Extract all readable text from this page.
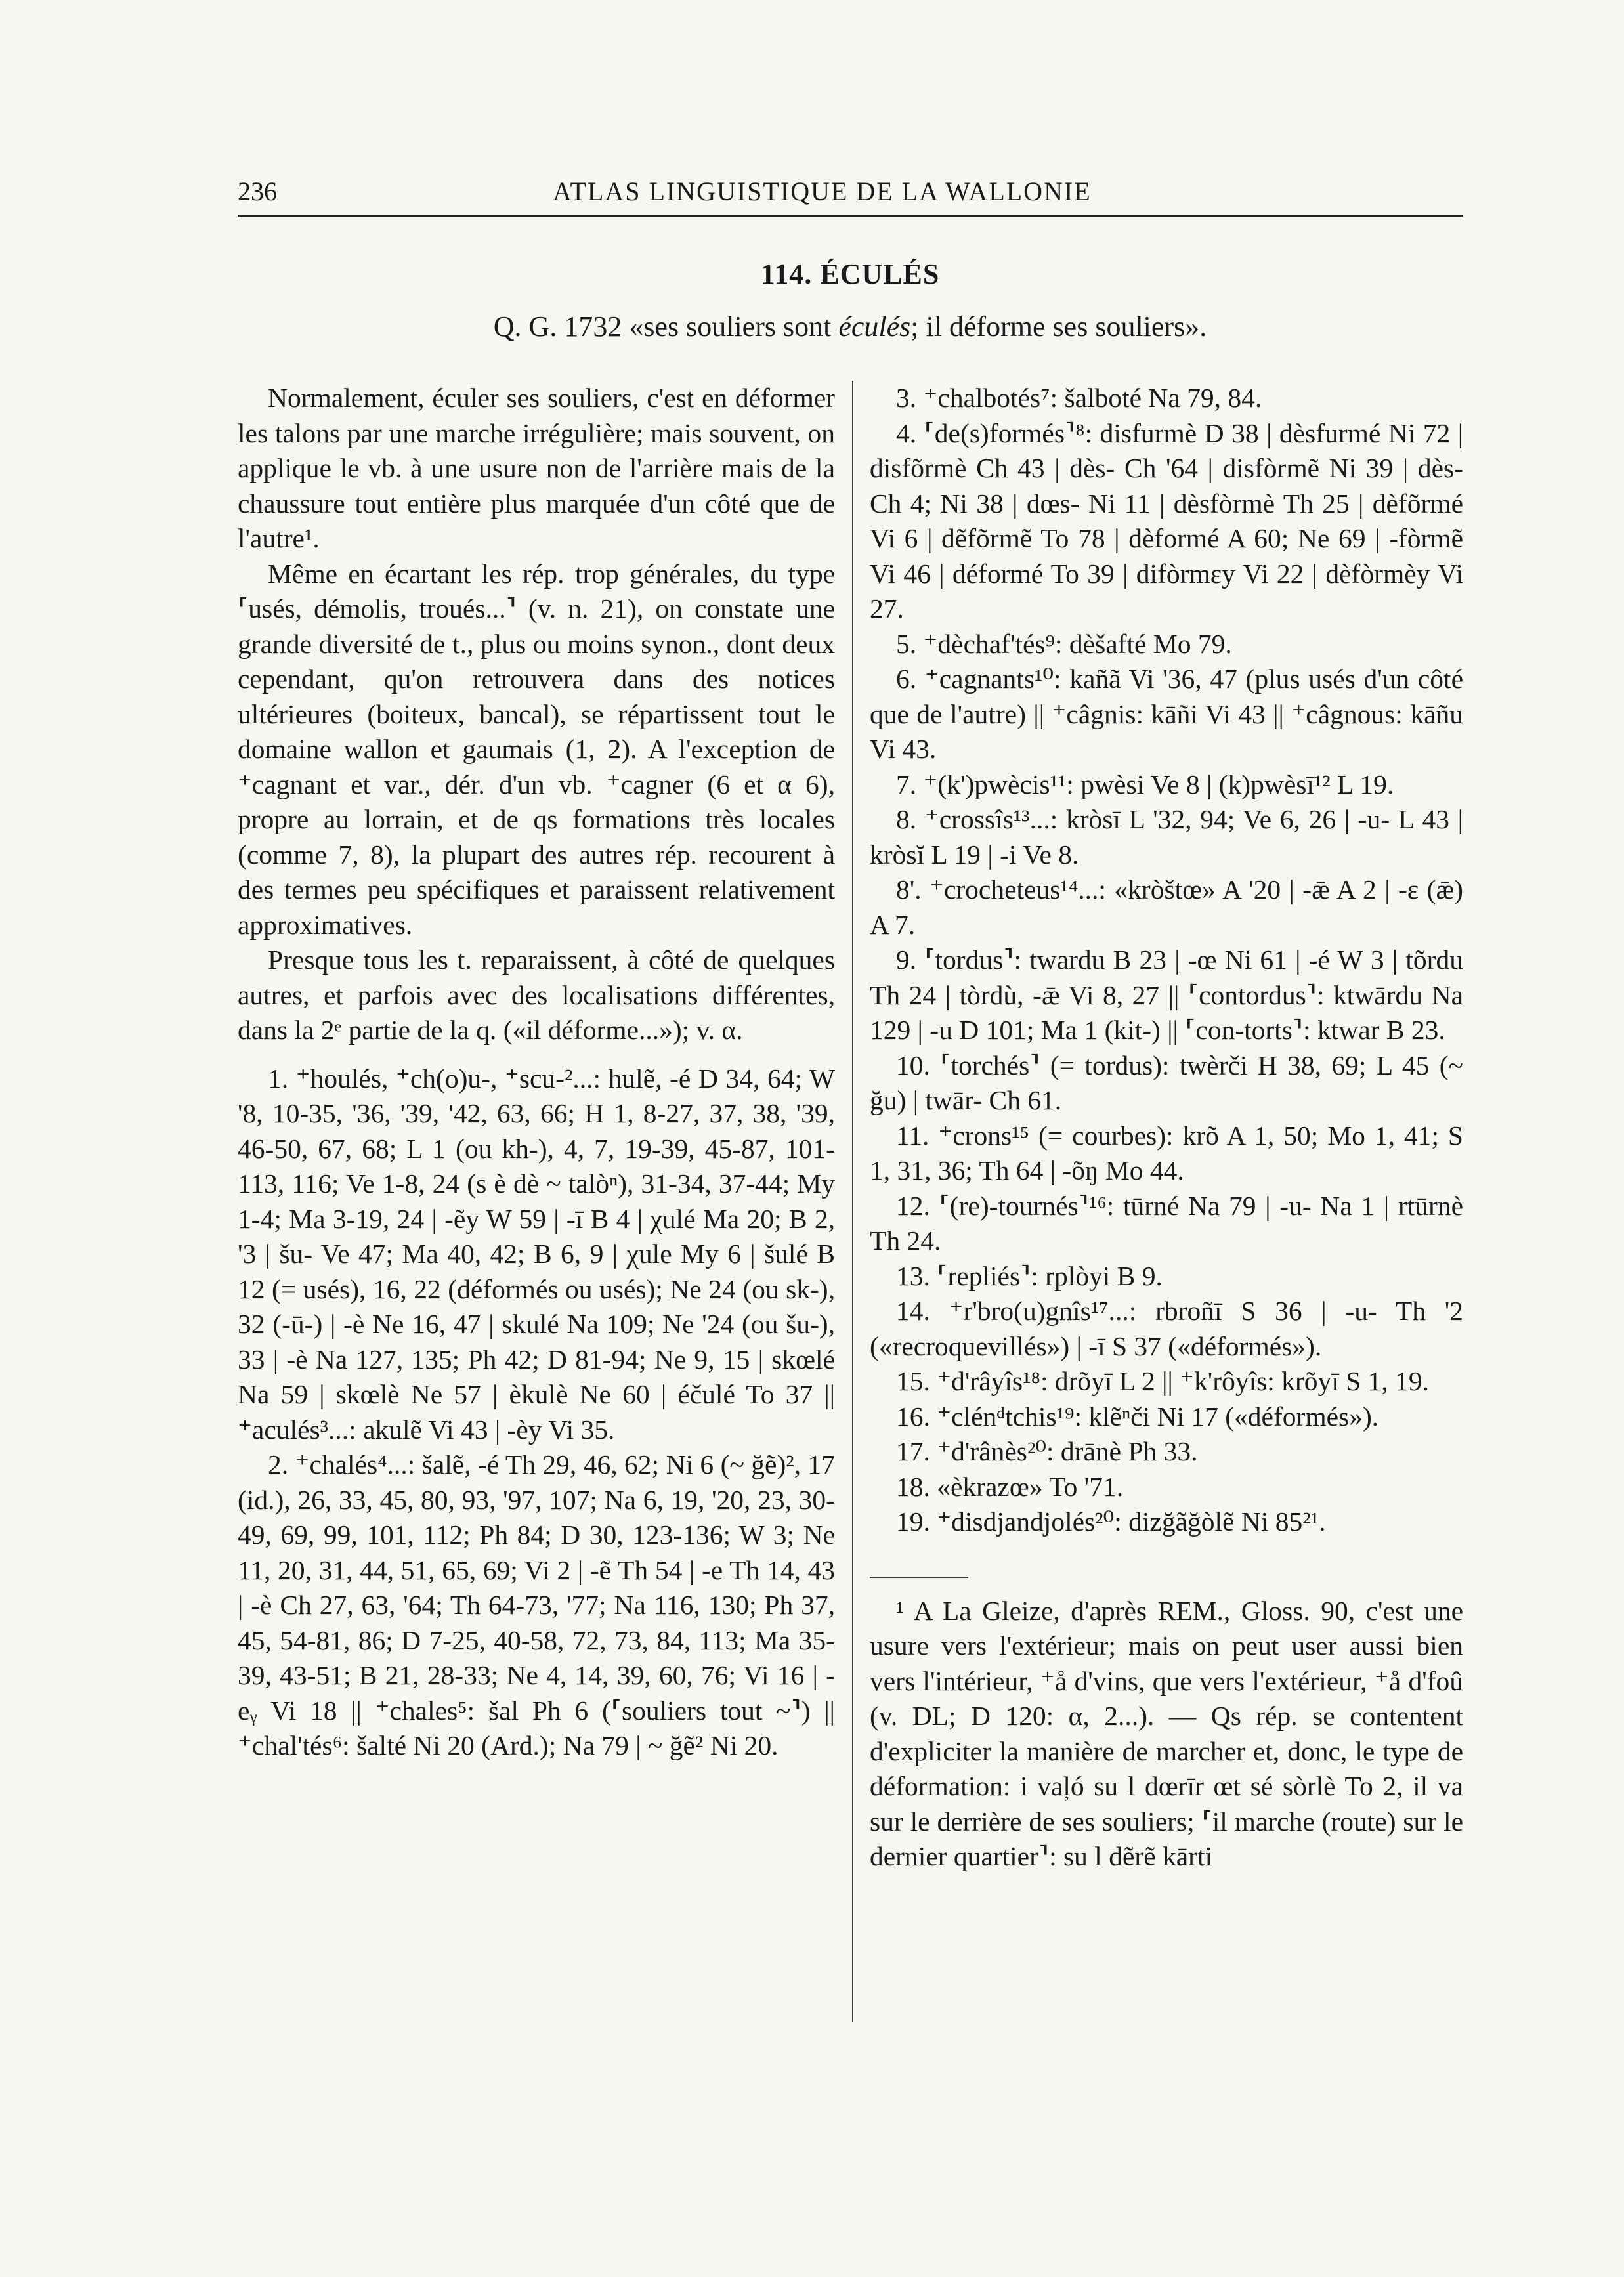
236	ATLAS LINGUISTIQUE DE LA WALLONIE
114. ÉCULÉS
Q. G. 1732 «ses souliers sont éculés; il déforme ses souliers».

Normalement, éculer ses souliers, c'est en déformer les talons par une marche irrégulière; mais souvent, on applique le vb. à une usure non de l'arrière mais de la chaussure tout entière plus marquée d'un côté que de l'autre¹.

Même en écartant les rép. trop générales, du type ⸢usés, démolis, troués...⸣ (v. n. 21), on constate une grande diversité de t., plus ou moins synon., dont deux cependant, qu'on retrouvera dans des notices ultérieures (boiteux, bancal), se répartissent tout le domaine wallon et gaumais (1, 2). A l'exception de ⁺cagnant et var., dér. d'un vb. ⁺cagner (6 et α 6), propre au lorrain, et de qs formations très locales (comme 7, 8), la plupart des autres rép. recourent à des termes peu spécifiques et paraissent relativement approximatives.

Presque tous les t. reparaissent, à côté de quelques autres, et parfois avec des localisations différentes, dans la 2ᵉ partie de la q. («il déforme...»); v. α.

1. ⁺houlés, ⁺ch(o)u-, ⁺scu-²...: hulẽ, -é D 34, 64; W '8, 10-35, '36, '39, '42, 63, 66; H 1, 8-27, 37, 38, '39, 46-50, 67, 68; L 1 (ou kh-), 4, 7, 19-39, 45-87, 101-113, 116; Ve 1-8, 24 (s è dè ~ talòⁿ), 31-34, 37-44; My 1-4; Ma 3-19, 24 | -ẽy W 59 | -ī B 4 | χulé Ma 20; B 2, '3 | šu- Ve 47; Ma 40, 42; B 6, 9 | χule My 6 | šulé B 12 (= usés), 16, 22 (déformés ou usés); Ne 24 (ou sk-), 32 (-ū-) | -è Ne 16, 47 | skulé Na 109; Ne '24 (ou šu-), 33 | -è Na 127, 135; Ph 42; D 81-94; Ne 9, 15 | skœlé Na 59 | skœlè Ne 57 | èkulè Ne 60 | éčulé To 37 || ⁺aculés³...: akulẽ Vi 43 | -èy Vi 35.

2. ⁺chalés⁴...: šalẽ, -é Th 29, 46, 62; Ni 6 (~ ğẽ)², 17 (id.), 26, 33, 45, 80, 93, '97, 107; Na 6, 19, '20, 23, 30-49, 69, 99, 101, 112; Ph 84; D 30, 123-136; W 3; Ne 11, 20, 31, 44, 51, 65, 69; Vi 2 | -ẽ Th 54 | -e Th 14, 43 | -è Ch 27, 63, '64; Th 64-73, '77; Na 116, 130; Ph 37, 45, 54-81, 86; D 7-25, 40-58, 72, 73, 84, 113; Ma 35-39, 43-51; B 21, 28-33; Ne 4, 14, 39, 60, 76; Vi 16 | -eᵧ Vi 18 || ⁺chales⁵: šal Ph 6 (⸢souliers tout ~⸣) || ⁺chal'tés⁶: šalté Ni 20 (Ard.); Na 79 | ~ ğẽ² Ni 20.

3. ⁺chalbotés⁷: šalboté Na 79, 84.

4. ⸢de(s)formés⸣⁸: disfurmè D 38 | dèsfurmé Ni 72 | disfõrmè Ch 43 | dès- Ch '64 | disfòrmẽ Ni 39 | dès- Ch 4; Ni 38 | dœs- Ni 11 | dèsfòrmè Th 25 | dèfõrmé Vi 6 | dẽfõrmẽ To 78 | dèformé A 60; Ne 69 | -fòrmẽ Vi 46 | déformé To 39 | difòrmɛy Vi 22 | dèfòrmèy Vi 27.

5. ⁺dèchaf'tés⁹: dèšafté Mo 79.

6. ⁺cagnants¹⁰: kañã Vi '36, 47 (plus usés d'un côté que de l'autre) || ⁺câgnis: kāñi Vi 43 || ⁺câgnous: kāñu Vi 43.

7. ⁺(k')pwècis¹¹: pwèsi Ve 8 | (k)pwèsī¹² L 19.

8. ⁺crossîs¹³...: kròsī L '32, 94; Ve 6, 26 | -u- L 43 | kròsĭ L 19 | -i Ve 8.

8'. ⁺crocheteus¹⁴...: «kròštœ» A '20 | -ǣ A 2 | -ɛ (ǣ) A 7.

9. ⸢tordus⸣: twardu B 23 | -œ Ni 61 | -é W 3 | tõrdu Th 24 | tòrdù, -ǣ Vi 8, 27 || ⸢contordus⸣: ktwārdu Na 129 | -u D 101; Ma 1 (kit-) || ⸢con-torts⸣: ktwar B 23.

10. ⸢torchés⸣ (= tordus): twèrči H 38, 69; L 45 (~ ğu) | twār- Ch 61.

11. ⁺crons¹⁵ (= courbes): krõ A 1, 50; Mo 1, 41; S 1, 31, 36; Th 64 | -õŋ Mo 44.

12. ⸢(re)-tournés⸣¹⁶: tūrné Na 79 | -u- Na 1 | rtūrnè Th 24.

13. ⸢repliés⸣: rplòyi B 9.

14. ⁺r'bro(u)gnîs¹⁷...: rbroñī S 36 | -u- Th '2 («recroquevillés») | -ī S 37 («déformés»).

15. ⁺d'râyîs¹⁸: drõyī L 2 || ⁺k'rôyîs: krõyī S 1, 19.

16. ⁺clénᵈtchis¹⁹: klẽⁿči Ni 17 («déformés»).

17. ⁺d'rânès²⁰: drānè Ph 33.

18. «èkrazœ» To '71.

19. ⁺disdjandjolés²⁰: dizğãğòlẽ Ni 85²¹.

¹ A La Gleize, d'après REM., Gloss. 90, c'est une usure vers l'extérieur; mais on peut user aussi bien vers l'intérieur, ⁺å d'vins, que vers l'extérieur, ⁺å d'foû (v. DL; D 120: α, 2...). — Qs rép. se contentent d'expliciter la manière de marcher et, donc, le type de déformation: i vaļó su l dœrīr œt sé sòrlè To 2, il va sur le derrière de ses souliers; ⸢il marche (route) sur le dernier quartier⸣: su l dẽrẽ kārti
